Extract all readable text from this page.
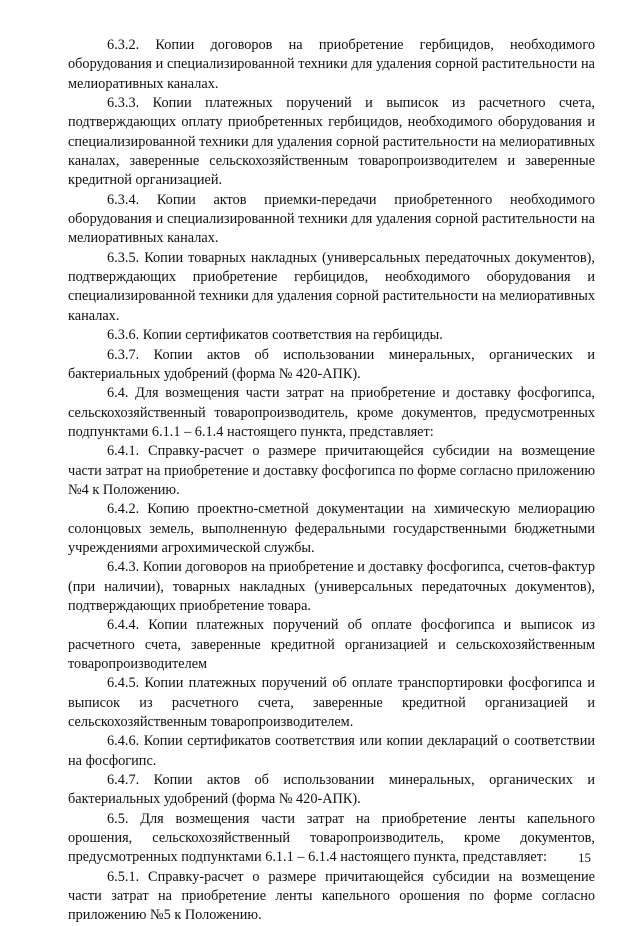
6.3.2. Копии договоров на приобретение гербицидов, необходимого оборудования и специализированной техники для удаления сорной растительности на мелиоративных каналах.

6.3.3. Копии платежных поручений и выписок из расчетного счета, подтверждающих оплату приобретенных гербицидов, необходимого оборудования и специализированной техники для удаления сорной растительности на мелиоративных каналах, заверенные сельскохозяйственным товаропроизводителем и заверенные кредитной организацией.

6.3.4. Копии актов приемки-передачи приобретенного необходимого оборудования и специализированной техники для удаления сорной растительности на мелиоративных каналах.

6.3.5. Копии товарных накладных (универсальных передаточных документов), подтверждающих приобретение гербицидов, необходимого оборудования и специализированной техники для удаления сорной растительности на мелиоративных каналах.

6.3.6. Копии сертификатов соответствия на гербициды.

6.3.7. Копии актов об использовании минеральных, органических и бактериальных удобрений (форма № 420-АПК).

6.4. Для возмещения части затрат на приобретение и доставку фосфогипса, сельскохозяйственный товаропроизводитель, кроме документов, предусмотренных подпунктами 6.1.1 – 6.1.4 настоящего пункта, представляет:

6.4.1. Справку-расчет о размере причитающейся субсидии на возмещение части затрат на приобретение и доставку фосфогипса по форме согласно приложению №4 к Положению.

6.4.2. Копию проектно-сметной документации на химическую мелиорацию солонцовых земель, выполненную федеральными государственными бюджетными учреждениями агрохимической службы.

6.4.3. Копии договоров на приобретение и доставку фосфогипса, счетов-фактур (при наличии), товарных накладных (универсальных передаточных документов), подтверждающих приобретение товара.

6.4.4. Копии платежных поручений об оплате фосфогипса и выписок из расчетного счета, заверенные кредитной организацией и сельскохозяйственным товаропроизводителем

6.4.5. Копии платежных поручений об оплате транспортировки фосфогипса и выписок из расчетного счета, заверенные кредитной организацией и сельскохозяйственным товаропроизводителем.

6.4.6. Копии сертификатов соответствия или копии деклараций о соответствии на фосфогипс.

6.4.7. Копии актов об использовании минеральных, органических и бактериальных удобрений (форма № 420-АПК).

6.5. Для возмещения части затрат на приобретение ленты капельного орошения, сельскохозяйственный товаропроизводитель, кроме документов, предусмотренных подпунктами 6.1.1 – 6.1.4 настоящего пункта, представляет:

6.5.1. Справку-расчет о размере причитающейся субсидии на возмещение части затрат на приобретение ленты капельного орошения по форме согласно приложению №5 к Положению.

15
